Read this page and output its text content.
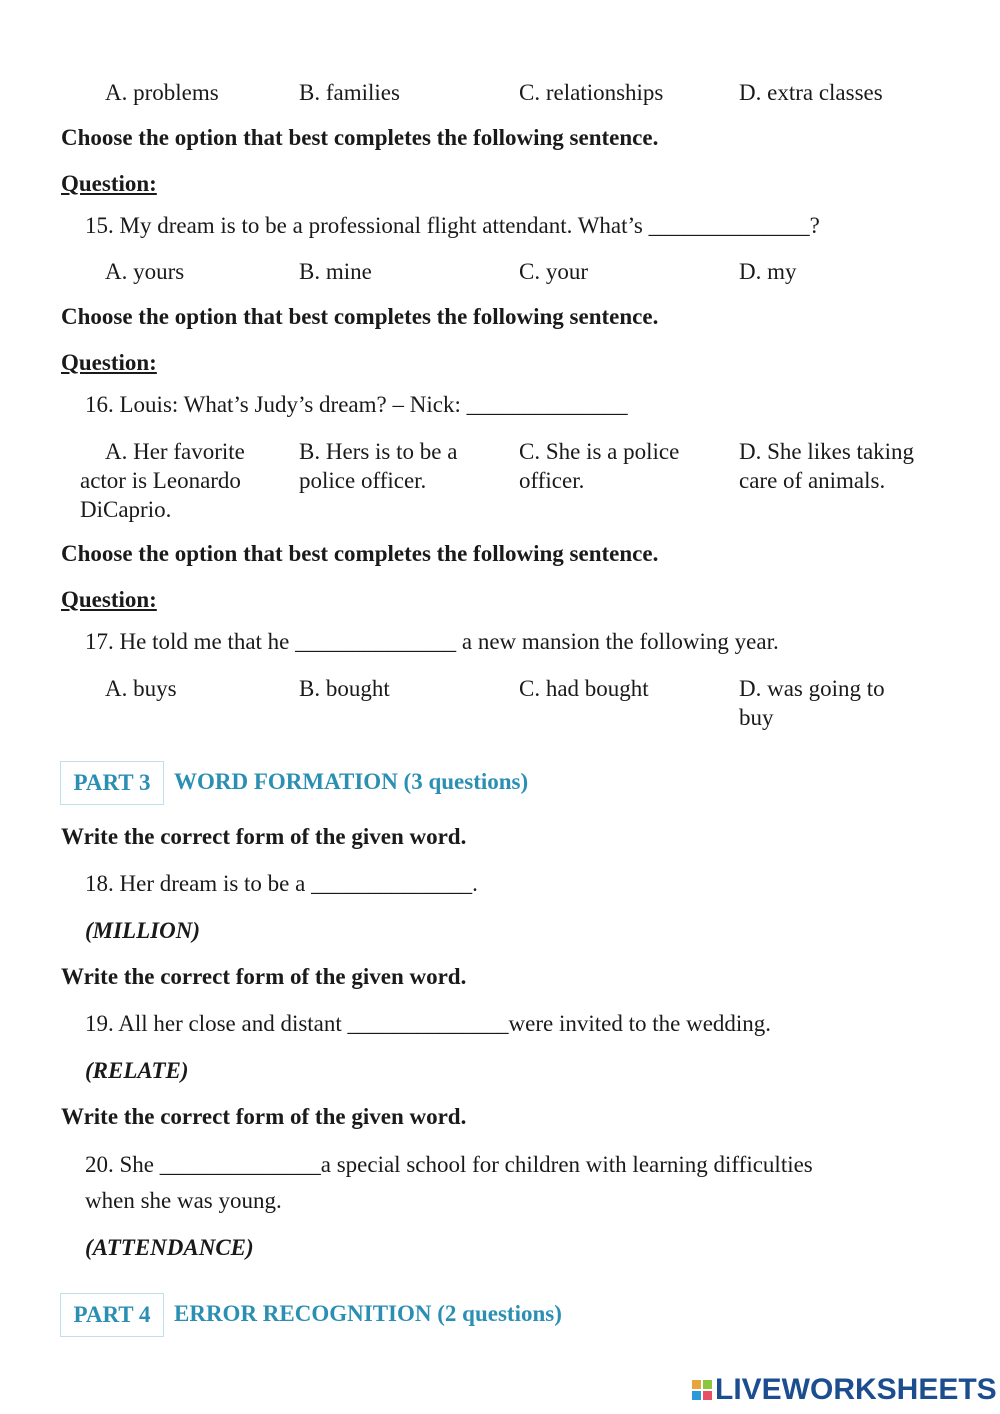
A. problems	B. families	C. relationships	D. extra classes
Choose the option that best completes the following sentence.
Question:
15. My dream is to be a professional flight attendant. What’s ______________?
A. yours	B. mine	C. your	D. my
Choose the option that best completes the following sentence.
Question:
16. Louis: What’s Judy’s dream? – Nick: ______________
A. Her favorite actor is Leonardo DiCaprio.
B. Hers is to be a police officer.
C. She is a police officer.
D. She likes taking care of animals.
Choose the option that best completes the following sentence.
Question:
17. He told me that he ______________ a new mansion the following year.
A. buys	B. bought	C. had bought	D. was going to buy
PART 3	WORD FORMATION (3 questions)
Write the correct form of the given word.
18. Her dream is to be a ______________.
(MILLION)
Write the correct form of the given word.
19. All her close and distant ______________were invited to the wedding.
(RELATE)
Write the correct form of the given word.
20. She ______________a special school for children with learning difficulties
when she was young.
(ATTENDANCE)
PART 4	ERROR RECOGNITION (2 questions)
LIVEWORKSHEETS
